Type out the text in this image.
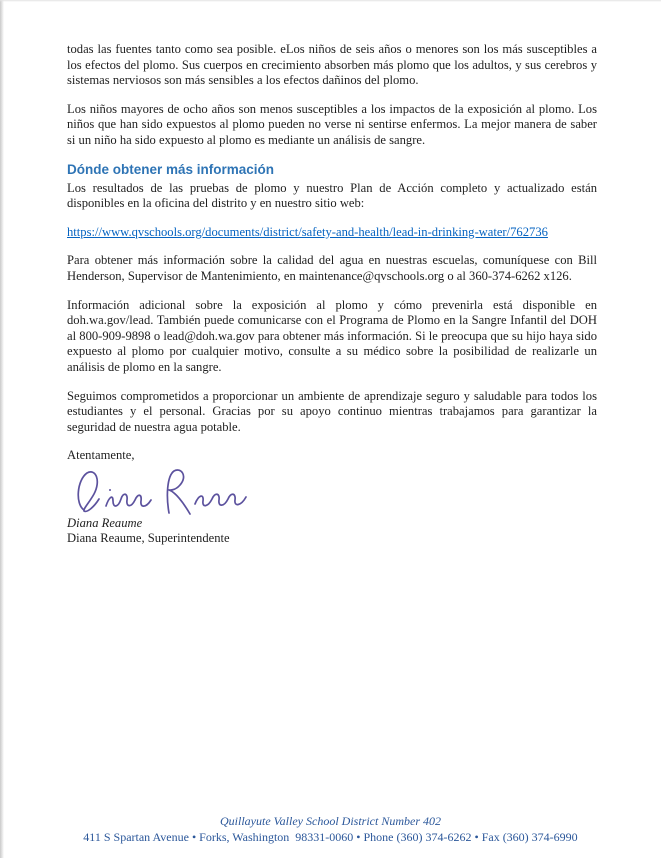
todas las fuentes tanto como sea posible. eLos niños de seis años o menores son los más susceptibles a los efectos del plomo. Sus cuerpos en crecimiento absorben más plomo que los adultos, y sus cerebros y sistemas nerviosos son más sensibles a los efectos dañinos del plomo.

Los niños mayores de ocho años son menos susceptibles a los impactos de la exposición al plomo. Los niños que han sido expuestos al plomo pueden no verse ni sentirse enfermos. La mejor manera de saber si un niño ha sido expuesto al plomo es mediante un análisis de sangre.

Dónde obtener más información

Los resultados de las pruebas de plomo y nuestro Plan de Acción completo y actualizado están disponibles en la oficina del distrito y en nuestro sitio web:

https://www.qvschools.org/documents/district/safety-and-health/lead-in-drinking-water/762736

Para obtener más información sobre la calidad del agua en nuestras escuelas, comuníquese con Bill Henderson, Supervisor de Mantenimiento, en maintenance@qvschools.org o al 360-374-6262 x126.

Información adicional sobre la exposición al plomo y cómo prevenirla está disponible en doh.wa.gov/lead. También puede comunicarse con el Programa de Plomo en la Sangre Infantil del DOH al 800-909-9898 o lead@doh.wa.gov para obtener más información. Si le preocupa que su hijo haya sido expuesto al plomo por cualquier motivo, consulte a su médico sobre la posibilidad de realizarle un análisis de plomo en la sangre.

Seguimos comprometidos a proporcionar un ambiente de aprendizaje seguro y saludable para todos los estudiantes y el personal. Gracias por su apoyo continuo mientras trabajamos para garantizar la seguridad de nuestra agua potable.

Atentamente,

Diana Reaume

Diana Reaume, Superintendente

Quillayute Valley School District Number 402
411 S Spartan Avenue • Forks, Washington  98331-0060 • Phone (360) 374-6262 • Fax (360) 374-6990
